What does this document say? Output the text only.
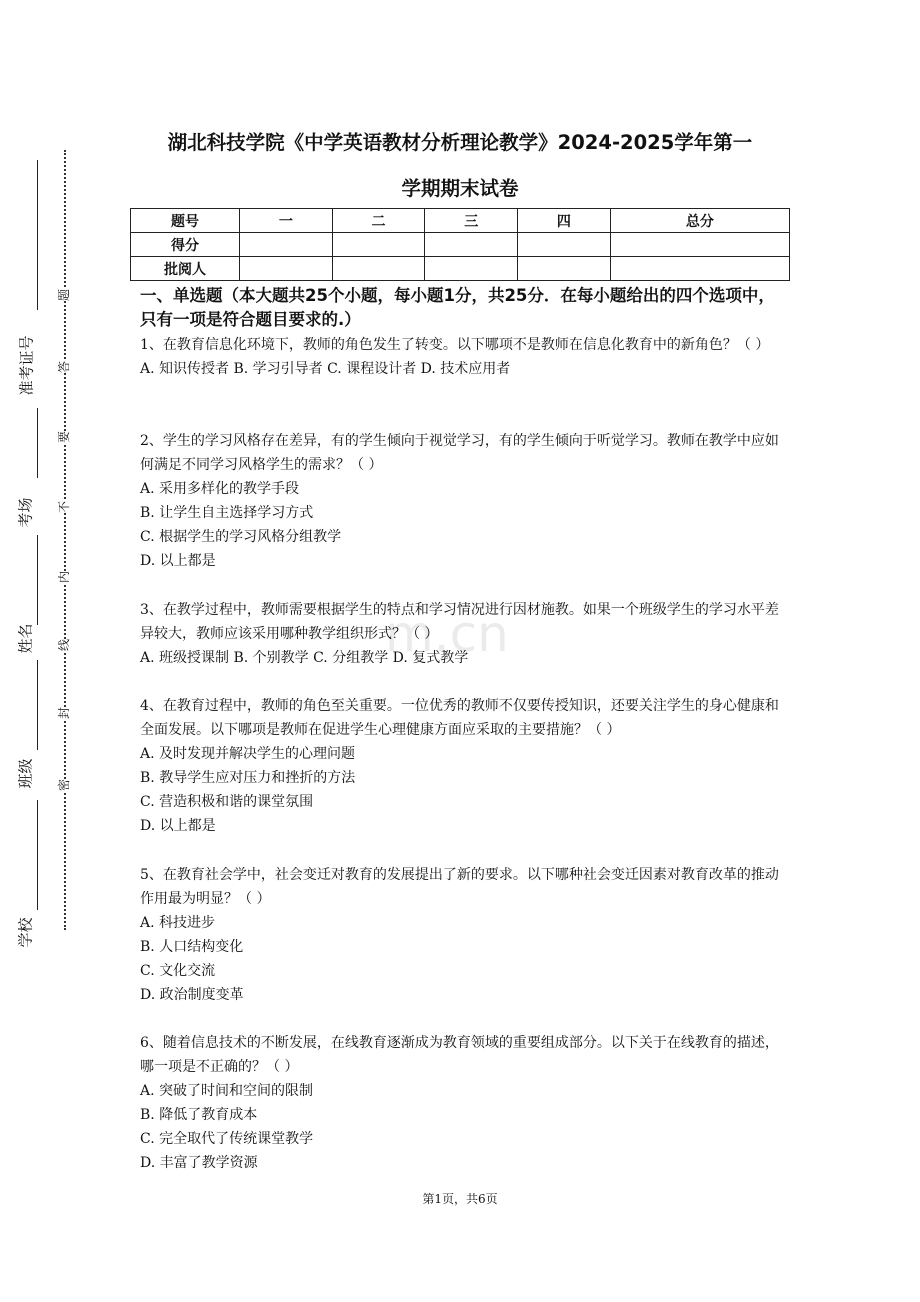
准考证号
考场
姓名
班级
学校
题
答
要
不
内
线
封
密
湖北科技学院《中学英语教材分析理论教学》2024-2025学年第一
学期期末试卷
题号	一	二	三	四	总分
得分					
批阅人					
一、单选题（本大题共25个小题，每小题1分，共25分．在每小题给出的四个选项中，只有一项是符合题目要求的.）
1、在教育信息化环境下，教师的角色发生了转变。以下哪项不是教师在信息化教育中的新角色？（ ）
A. 知识传授者 B. 学习引导者 C. 课程设计者 D. 技术应用者
2、学生的学习风格存在差异，有的学生倾向于视觉学习，有的学生倾向于听觉学习。教师在教学中应如何满足不同学习风格学生的需求？（ ）
A. 采用多样化的教学手段
B. 让学生自主选择学习方式
C. 根据学生的学习风格分组教学
D. 以上都是
3、在教学过程中，教师需要根据学生的特点和学习情况进行因材施教。如果一个班级学生的学习水平差异较大，教师应该采用哪种教学组织形式？（ ）
A. 班级授课制 B. 个别教学 C. 分组教学 D. 复式教学
4、在教育过程中，教师的角色至关重要。一位优秀的教师不仅要传授知识，还要关注学生的身心健康和全面发展。以下哪项是教师在促进学生心理健康方面应采取的主要措施？（ ）
A. 及时发现并解决学生的心理问题
B. 教导学生应对压力和挫折的方法
C. 营造积极和谐的课堂氛围
D. 以上都是
5、在教育社会学中，社会变迁对教育的发展提出了新的要求。以下哪种社会变迁因素对教育改革的推动作用最为明显？（ ）
A. 科技进步
B. 人口结构变化
C. 文化交流
D. 政治制度变革
6、随着信息技术的不断发展，在线教育逐渐成为教育领域的重要组成部分。以下关于在线教育的描述，哪一项是不正确的？（ ）
A. 突破了时间和空间的限制
B. 降低了教育成本
C. 完全取代了传统课堂教学
D. 丰富了教学资源
m.cn
第1页，共6页
